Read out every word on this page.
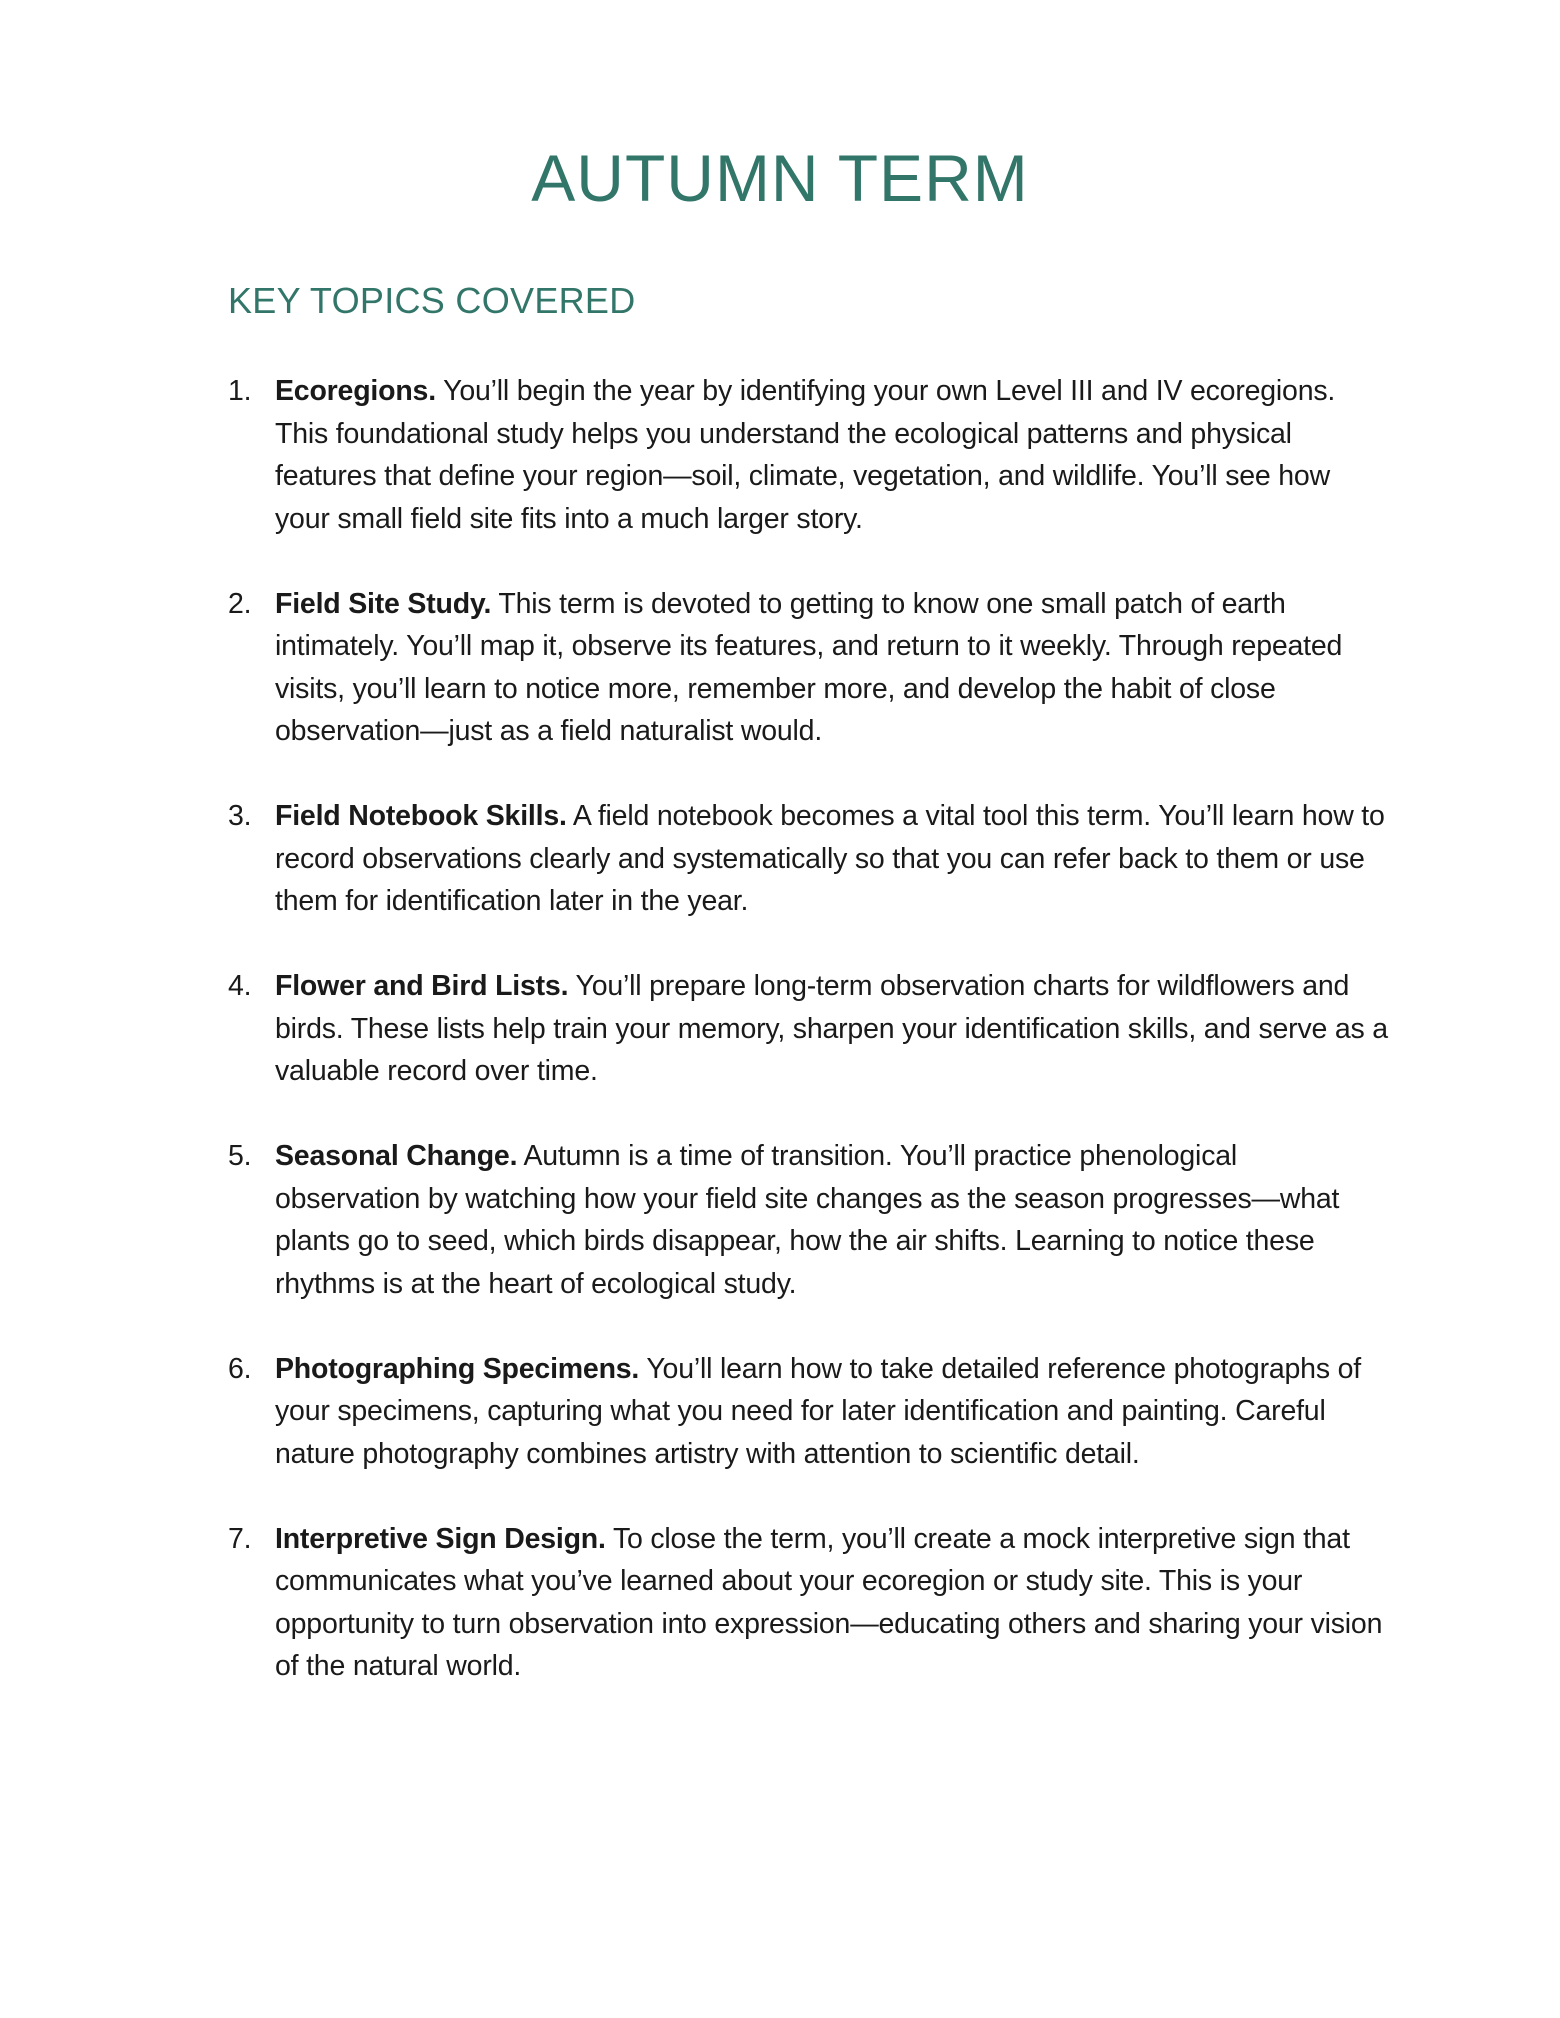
AUTUMN TERM
KEY TOPICS COVERED
1. Ecoregions. You’ll begin the year by identifying your own Level III and IV ecoregions. This foundational study helps you understand the ecological patterns and physical features that define your region—soil, climate, vegetation, and wildlife. You’ll see how your small field site fits into a much larger story.
2. Field Site Study. This term is devoted to getting to know one small patch of earth intimately. You’ll map it, observe its features, and return to it weekly. Through repeated visits, you’ll learn to notice more, remember more, and develop the habit of close observation—just as a field naturalist would.
3. Field Notebook Skills. A field notebook becomes a vital tool this term. You’ll learn how to record observations clearly and systematically so that you can refer back to them or use them for identification later in the year.
4. Flower and Bird Lists. You’ll prepare long-term observation charts for wildflowers and birds. These lists help train your memory, sharpen your identification skills, and serve as a valuable record over time.
5. Seasonal Change. Autumn is a time of transition. You’ll practice phenological observation by watching how your field site changes as the season progresses—what plants go to seed, which birds disappear, how the air shifts. Learning to notice these rhythms is at the heart of ecological study.
6. Photographing Specimens. You’ll learn how to take detailed reference photographs of your specimens, capturing what you need for later identification and painting. Careful nature photography combines artistry with attention to scientific detail.
7. Interpretive Sign Design. To close the term, you’ll create a mock interpretive sign that communicates what you’ve learned about your ecoregion or study site. This is your opportunity to turn observation into expression—educating others and sharing your vision of the natural world.
